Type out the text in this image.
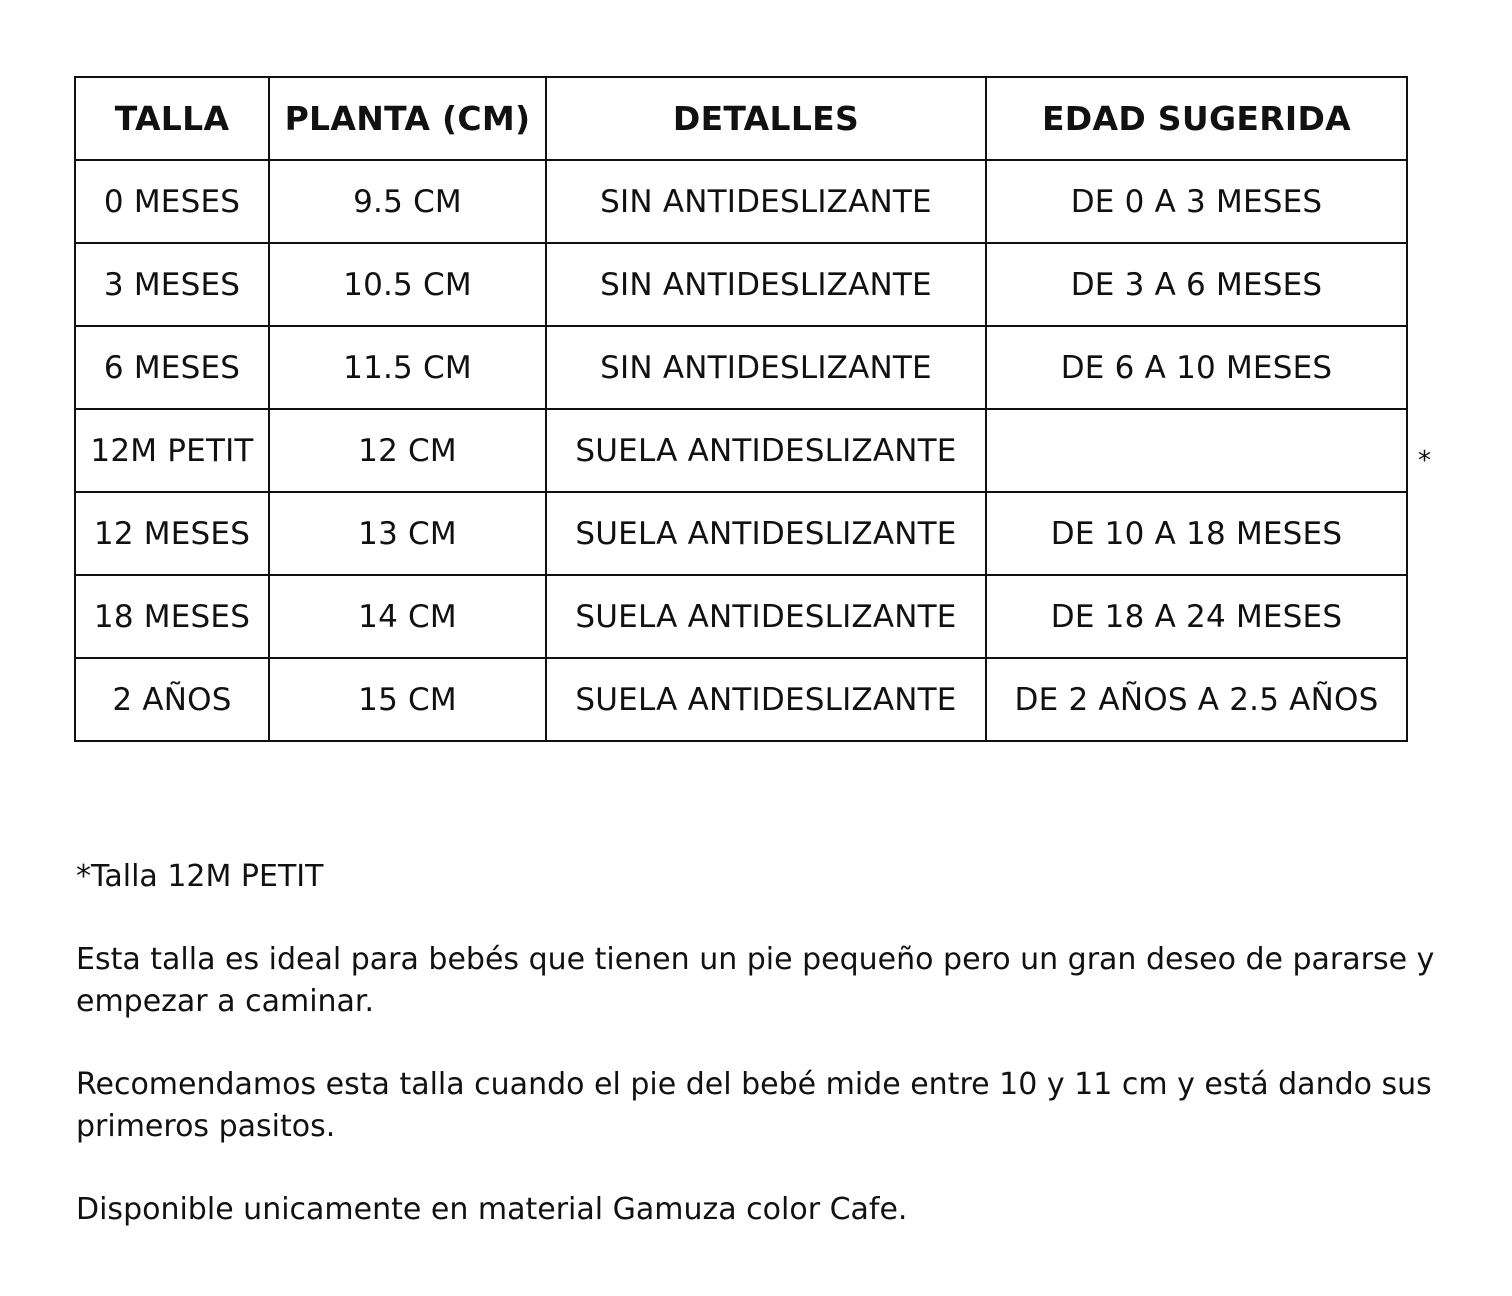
TALLA	PLANTA (CM)	DETALLES	EDAD SUGERIDA
0 MESES	9.5 CM	SIN ANTIDESLIZANTE	DE 0 A 3 MESES
3 MESES	10.5 CM	SIN ANTIDESLIZANTE	DE 3 A 6 MESES
6 MESES	11.5 CM	SIN ANTIDESLIZANTE	DE 6 A 10 MESES
12M PETIT	12 CM	SUELA ANTIDESLIZANTE	
12 MESES	13 CM	SUELA ANTIDESLIZANTE	DE 10 A 18 MESES
18 MESES	14 CM	SUELA ANTIDESLIZANTE	DE 18 A 24 MESES
2 AÑOS	15 CM	SUELA ANTIDESLIZANTE	DE 2 AÑOS A 2.5 AÑOS
*

*Talla 12M PETIT

Esta talla es ideal para bebés que tienen un pie pequeño pero un gran deseo de pararse y empezar a caminar.

Recomendamos esta talla cuando el pie del bebé mide entre 10 y 11 cm y está dando sus primeros pasitos.

Disponible unicamente en material Gamuza color Cafe.
